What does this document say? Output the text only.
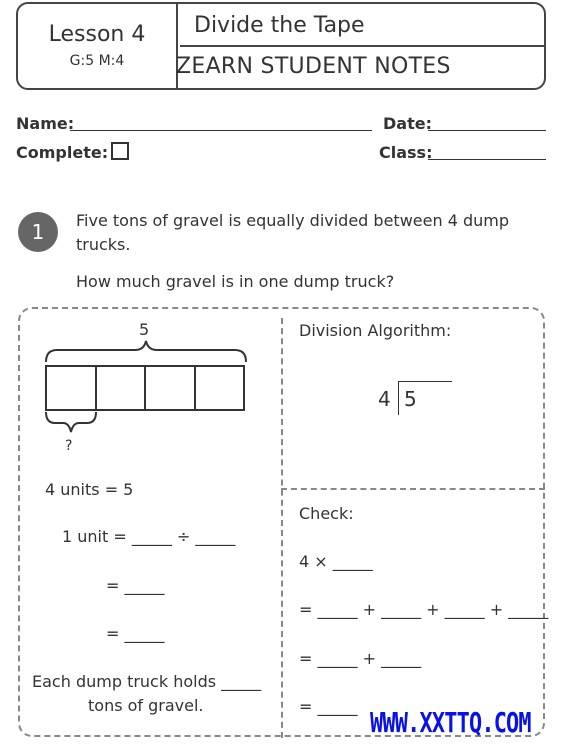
Lesson 4
G:5 M:4
Divide the Tape
ZEARN STUDENT NOTES
Name:	Date:
Complete:	Class:
1	Five tons of gravel is equally divided between 4 dump
trucks.
How much gravel is in one dump truck?
5
?
4 units = 5
1 unit = _____ ÷ _____
= _____
= _____
Each dump truck holds _____
tons of gravel.
Division Algorithm:
4 5
Check:
4 × _____
= _____ + _____ + _____ + _____
= _____ + _____
= _____ WWW.XXTTQ.COM
